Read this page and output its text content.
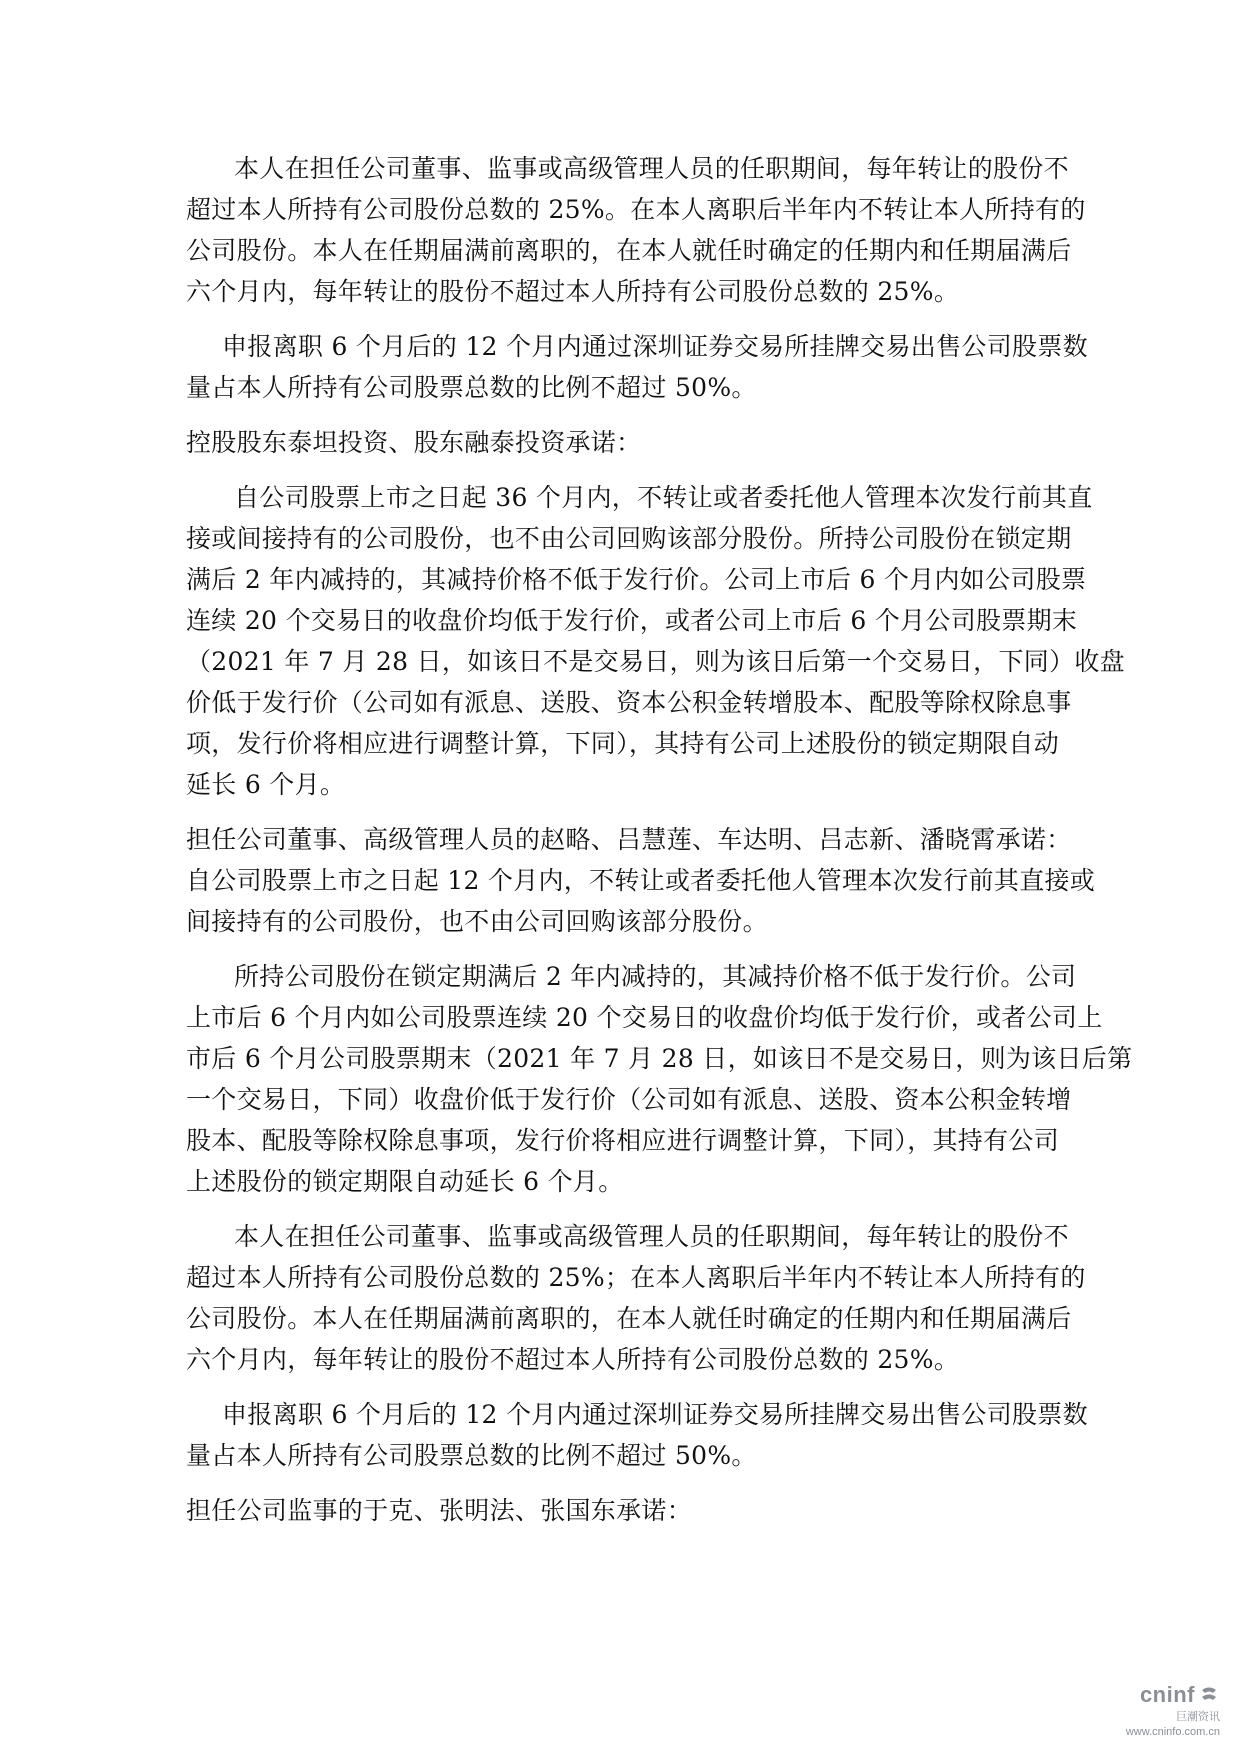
本人在担任公司董事、监事或高级管理人员的任职期间，每年转让的股份不
超过本人所持有公司股份总数的 25%。在本人离职后半年内不转让本人所持有的
公司股份。本人在任期届满前离职的，在本人就任时确定的任期内和任期届满后
六个月内，每年转让的股份不超过本人所持有公司股份总数的 25%。
申报离职 6 个月后的 12 个月内通过深圳证券交易所挂牌交易出售公司股票数
量占本人所持有公司股票总数的比例不超过 50%。
控股股东泰坦投资、股东融泰投资承诺：
自公司股票上市之日起 36 个月内，不转让或者委托他人管理本次发行前其直
接或间接持有的公司股份，也不由公司回购该部分股份。所持公司股份在锁定期
满后 2 年内减持的，其减持价格不低于发行价。公司上市后 6 个月内如公司股票
连续 20 个交易日的收盘价均低于发行价，或者公司上市后 6 个月公司股票期末
（2021 年 7 月 28 日，如该日不是交易日，则为该日后第一个交易日，下同）收盘
价低于发行价（公司如有派息、送股、资本公积金转增股本、配股等除权除息事
项，发行价将相应进行调整计算，下同），其持有公司上述股份的锁定期限自动
延长 6 个月。
担任公司董事、高级管理人员的赵略、吕慧莲、车达明、吕志新、潘晓霄承诺：
自公司股票上市之日起 12 个月内，不转让或者委托他人管理本次发行前其直接或
间接持有的公司股份，也不由公司回购该部分股份。
所持公司股份在锁定期满后 2 年内减持的，其减持价格不低于发行价。公司
上市后 6 个月内如公司股票连续 20 个交易日的收盘价均低于发行价，或者公司上
市后 6 个月公司股票期末（2021 年 7 月 28 日，如该日不是交易日，则为该日后第
一个交易日，下同）收盘价低于发行价（公司如有派息、送股、资本公积金转增
股本、配股等除权除息事项，发行价将相应进行调整计算，下同），其持有公司
上述股份的锁定期限自动延长 6 个月。
本人在担任公司董事、监事或高级管理人员的任职期间，每年转让的股份不
超过本人所持有公司股份总数的 25%；在本人离职后半年内不转让本人所持有的
公司股份。本人在任期届满前离职的，在本人就任时确定的任期内和任期届满后
六个月内，每年转让的股份不超过本人所持有公司股份总数的 25%。
申报离职 6 个月后的 12 个月内通过深圳证券交易所挂牌交易出售公司股票数
量占本人所持有公司股票总数的比例不超过 50%。
担任公司监事的于克、张明法、张国东承诺：
cninf
巨潮资讯
www.cninfo.com.cn
